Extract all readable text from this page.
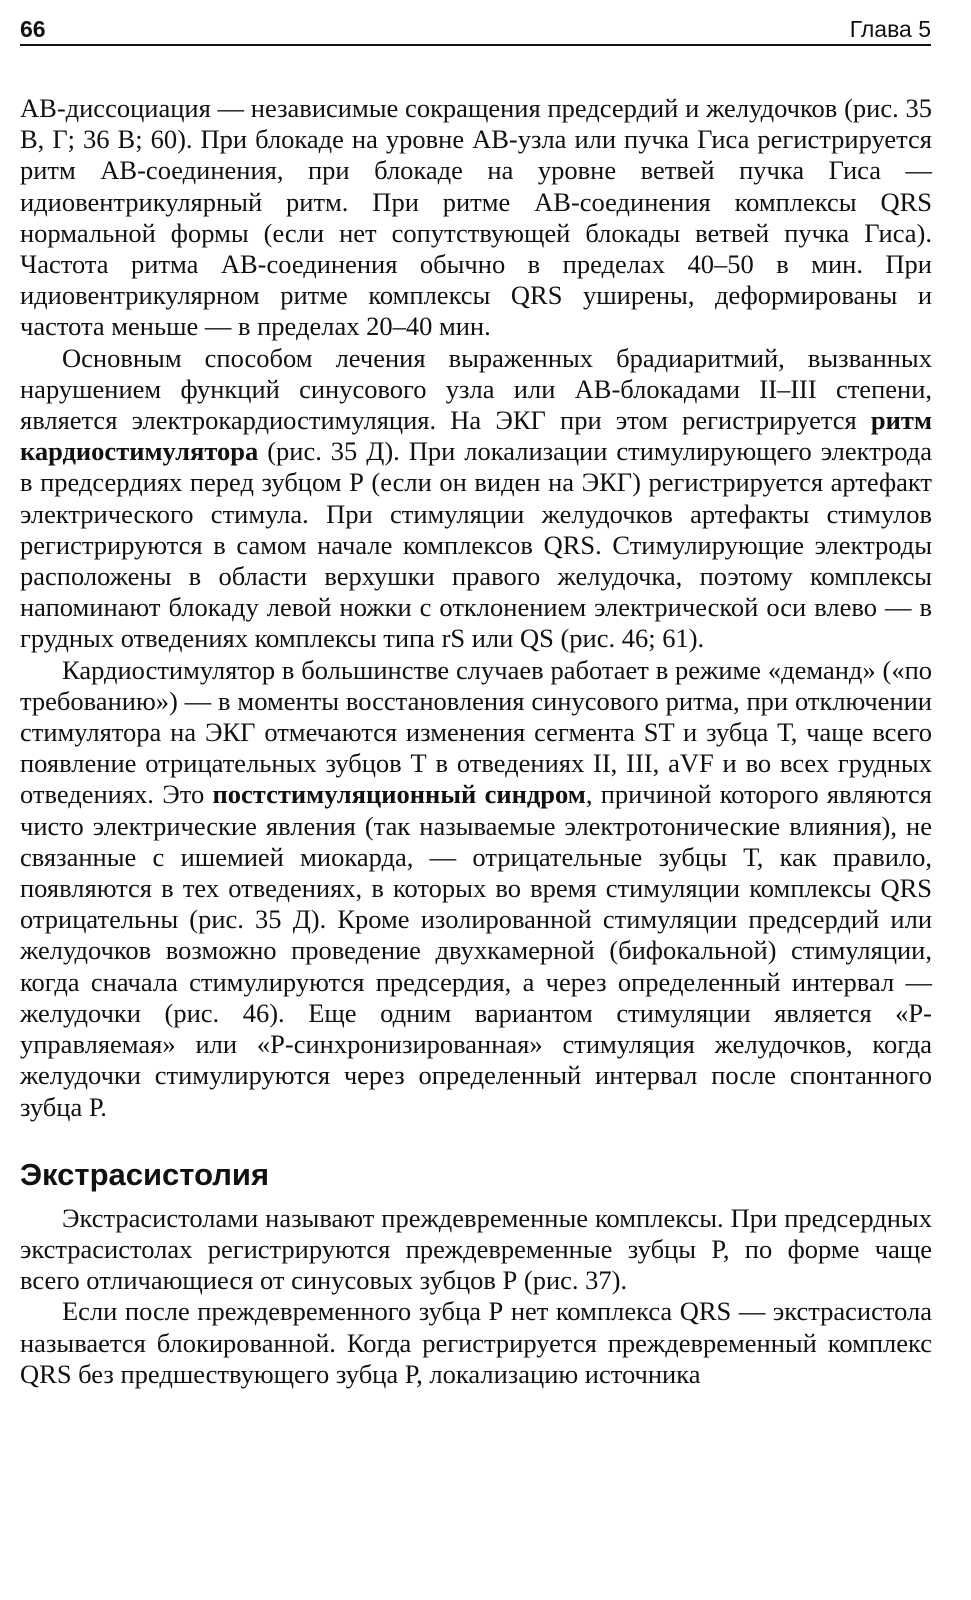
66	Глава 5

АВ-диссоциация — независимые сокращения предсердий и желудочков (рис. 35 В, Г; 36 В; 60). При блокаде на уровне АВ-узла или пучка Гиса регистрируется ритм АВ-соединения, при блокаде на уровне ветвей пучка Гиса — идиовентрикулярный ритм. При ритме АВ-соединения комплексы QRS нормальной формы (если нет сопутствующей блокады ветвей пучка Гиса). Частота ритма АВ-соединения обычно в пределах 40–50 в мин. При идиовентрикулярном ритме комплексы QRS уширены, деформированы и частота меньше — в пределах 20–40 мин.

Основным способом лечения выраженных брадиаритмий, вызванных нарушением функций синусового узла или АВ-блокадами II–III степени, является электрокардиостимуляция. На ЭКГ при этом регистрируется ритм кардиостимулятора (рис. 35 Д). При локализации стимулирующего электрода в предсердиях перед зубцом Р (если он виден на ЭКГ) регистрируется артефакт электрического стимула. При стимуляции желудочков артефакты стимулов регистрируются в самом начале комплексов QRS. Стимулирующие электроды расположены в области верхушки правого желудочка, поэтому комплексы напоминают блокаду левой ножки с отклонением электрической оси влево — в грудных отведениях комплексы типа rS или QS (рис. 46; 61).

Кардиостимулятор в большинстве случаев работает в режиме «деманд» («по требованию») — в моменты восстановления синусового ритма, при отключении стимулятора на ЭКГ отмечаются изменения сегмента ST и зубца Т, чаще всего появление отрицательных зубцов Т в отведениях II, III, aVF и во всех грудных отведениях. Это постстимуляционный синдром, причиной которого являются чисто электрические явления (так называемые электротонические влияния), не связанные с ишемией миокарда, — отрицательные зубцы Т, как правило, появляются в тех отведениях, в которых во время стимуляции комплексы QRS отрицательны (рис. 35 Д). Кроме изолированной стимуляции предсердий или желудочков возможно проведение двухкамерной (бифокальной) стимуляции, когда сначала стимулируются предсердия, а через определенный интервал — желудочки (рис. 46). Еще одним вариантом стимуляции является «Р-управляемая» или «Р-синхронизированная» стимуляция желудочков, когда желудочки стимулируются через определенный интервал после спонтанного зубца Р.

Экстрасистолия

Экстрасистолами называют преждевременные комплексы. При предсердных экстрасистолах регистрируются преждевременные зубцы Р, по форме чаще всего отличающиеся от синусовых зубцов Р (рис. 37).

Если после преждевременного зубца Р нет комплекса QRS — экстрасистола называется блокированной. Когда регистрируется преждевременный комплекс QRS без предшествующего зубца Р, локализацию источника
